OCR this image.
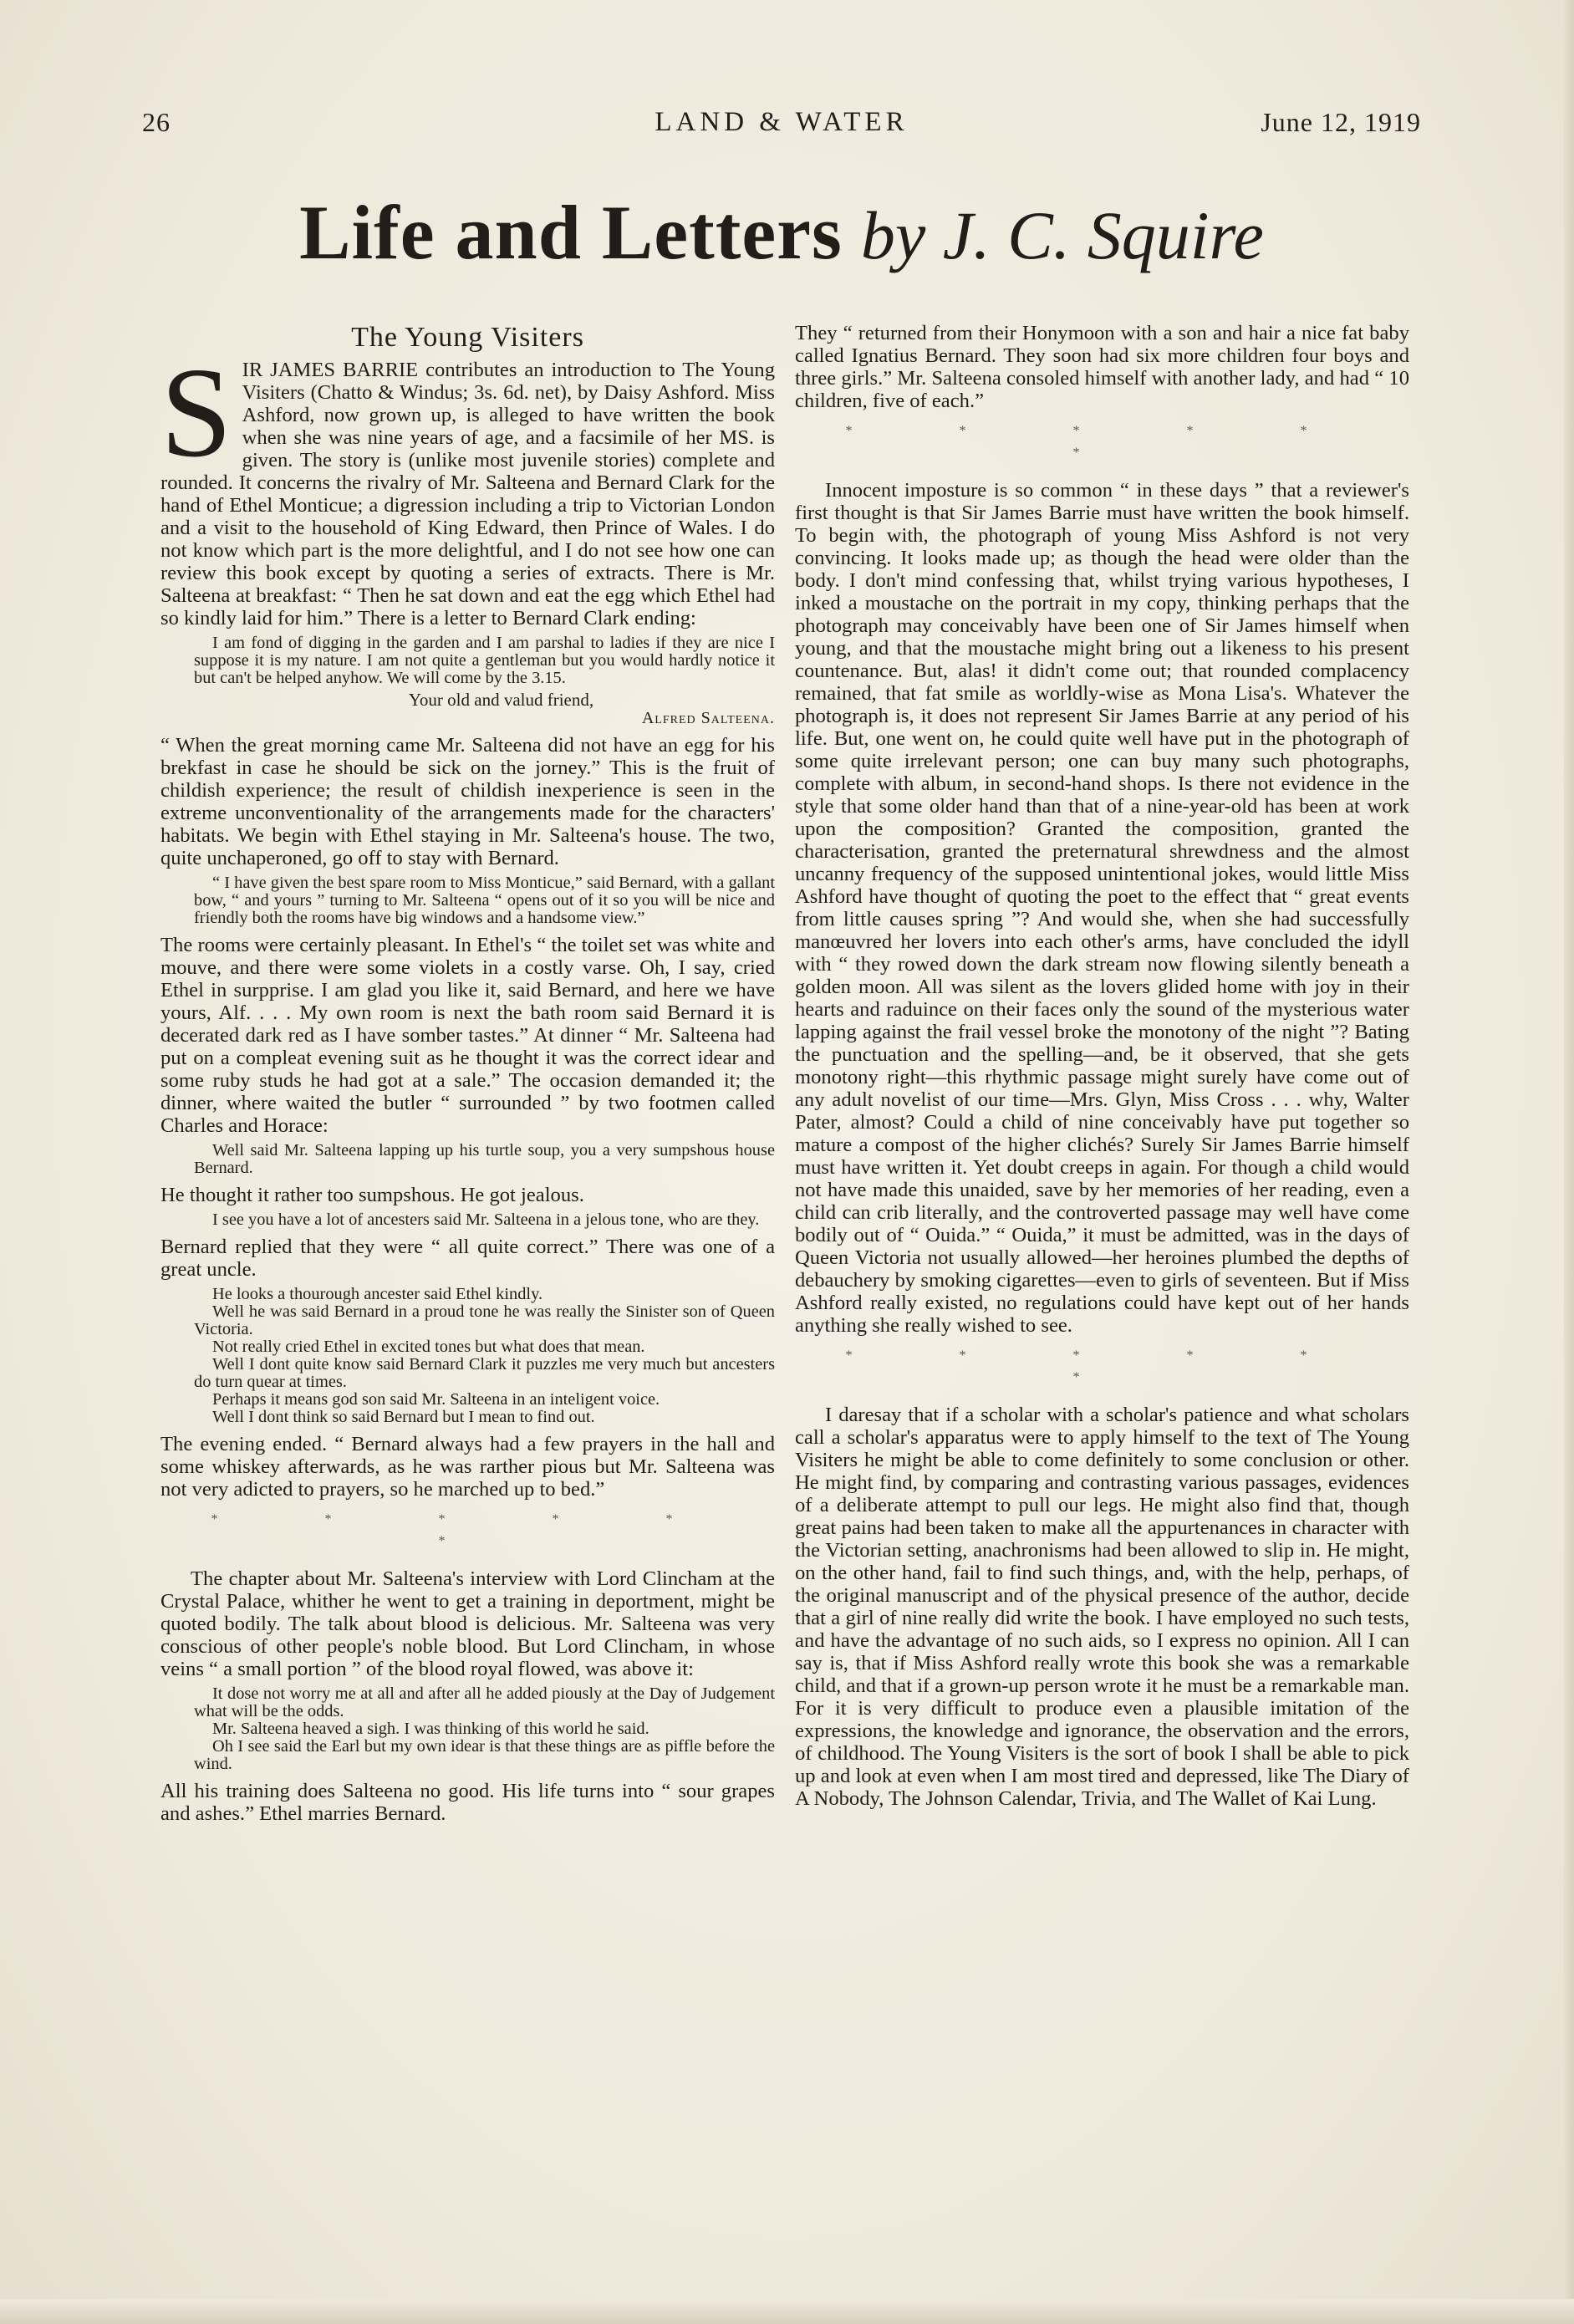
26	LAND & WATER	June 12, 1919
Life and Letters by J. C. Squire
The Young Visiters

SIR JAMES BARRIE contributes an introduction to The Young Visiters (Chatto & Windus; 3s. 6d. net), by Daisy Ashford. Miss Ashford, now grown up, is alleged to have written the book when she was nine years of age, and a facsimile of her MS. is given. The story is (unlike most juvenile stories) complete and rounded. It concerns the rivalry of Mr. Salteena and Bernard Clark for the hand of Ethel Monticue; a digression including a trip to Victorian London and a visit to the household of King Edward, then Prince of Wales. I do not know which part is the more delightful, and I do not see how one can review this book except by quoting a series of extracts. There is Mr. Salteena at breakfast: “ Then he sat down and eat the egg which Ethel had so kindly laid for him.” There is a letter to Bernard Clark ending:

I am fond of digging in the garden and I am parshal to ladies if they are nice I suppose it is my nature. I am not quite a gentleman but you would hardly notice it but can't be helped anyhow. We will come by the 3.15.

Your old and valud friend,
Alfred Salteena.

“ When the great morning came Mr. Salteena did not have an egg for his brekfast in case he should be sick on the jorney.” This is the fruit of childish experience; the result of childish inexperience is seen in the extreme unconventionality of the arrangements made for the characters' habitats. We begin with Ethel staying in Mr. Salteena's house. The two, quite unchaperoned, go off to stay with Bernard.

“ I have given the best spare room to Miss Monticue,” said Bernard, with a gallant bow, “ and yours ” turning to Mr. Salteena “ opens out of it so you will be nice and friendly both the rooms have big windows and a handsome view.”

The rooms were certainly pleasant. In Ethel's “ the toilet set was white and mouve, and there were some violets in a costly varse. Oh, I say, cried Ethel in surpprise. I am glad you like it, said Bernard, and here we have yours, Alf. . . . My own room is next the bath room said Bernard it is decerated dark red as I have somber tastes.” At dinner “ Mr. Salteena had put on a compleat evening suit as he thought it was the correct idear and some ruby studs he had got at a sale.” The occasion demanded it; the dinner, where waited the butler “ surrounded ” by two footmen called Charles and Horace:

Well said Mr. Salteena lapping up his turtle soup, you a very sumpshous house Bernard.

He thought it rather too sumpshous. He got jealous.

I see you have a lot of ancesters said Mr. Salteena in a jelous tone, who are they.

Bernard replied that they were “ all quite correct.” There was one of a great uncle.

He looks a thourough ancester said Ethel kindly.

Well he was said Bernard in a proud tone he was really the Sinister son of Queen Victoria.

Not really cried Ethel in excited tones but what does that mean.

Well I dont quite know said Bernard Clark it puzzles me very much but ancesters do turn quear at times.

Perhaps it means god son said Mr. Salteena in an inteligent voice.

Well I dont think so said Bernard but I mean to find out.

The evening ended. “ Bernard always had a few prayers in the hall and some whiskey afterwards, as he was rarther pious but Mr. Salteena was not very adicted to prayers, so he marched up to bed.”

* * * * * *

The chapter about Mr. Salteena's interview with Lord Clincham at the Crystal Palace, whither he went to get a training in deportment, might be quoted bodily. The talk about blood is delicious. Mr. Salteena was very conscious of other people's noble blood. But Lord Clincham, in whose veins “ a small portion ” of the blood royal flowed, was above it:

It dose not worry me at all and after all he added piously at the Day of Judgement what will be the odds.

Mr. Salteena heaved a sigh. I was thinking of this world he said.

Oh I see said the Earl but my own idear is that these things are as piffle before the wind.

All his training does Salteena no good. His life turns into “ sour grapes and ashes.” Ethel marries Bernard.

They “ returned from their Honymoon with a son and hair a nice fat baby called Ignatius Bernard. They soon had six more children four boys and three girls.” Mr. Salteena consoled himself with another lady, and had “ 10 children, five of each.”

* * * * * *

Innocent imposture is so common “ in these days ” that a reviewer's first thought is that Sir James Barrie must have written the book himself. To begin with, the photograph of young Miss Ashford is not very convincing. It looks made up; as though the head were older than the body. I don't mind confessing that, whilst trying various hypotheses, I inked a moustache on the portrait in my copy, thinking perhaps that the photograph may conceivably have been one of Sir James himself when young, and that the moustache might bring out a likeness to his present countenance. But, alas! it didn't come out; that rounded complacency remained, that fat smile as worldly-wise as Mona Lisa's. Whatever the photograph is, it does not represent Sir James Barrie at any period of his life. But, one went on, he could quite well have put in the photograph of some quite irrelevant person; one can buy many such photographs, complete with album, in second-hand shops. Is there not evidence in the style that some older hand than that of a nine-year-old has been at work upon the composition? Granted the composition, granted the characterisation, granted the preternatural shrewdness and the almost uncanny frequency of the supposed unintentional jokes, would little Miss Ashford have thought of quoting the poet to the effect that “ great events from little causes spring ”? And would she, when she had successfully manœuvred her lovers into each other's arms, have concluded the idyll with “ they rowed down the dark stream now flowing silently beneath a golden moon. All was silent as the lovers glided home with joy in their hearts and raduince on their faces only the sound of the mysterious water lapping against the frail vessel broke the monotony of the night ”? Bating the punctuation and the spelling—and, be it observed, that she gets monotony right—this rhythmic passage might surely have come out of any adult novelist of our time—Mrs. Glyn, Miss Cross . . . why, Walter Pater, almost? Could a child of nine conceivably have put together so mature a compost of the higher clichés? Surely Sir James Barrie himself must have written it. Yet doubt creeps in again. For though a child would not have made this unaided, save by her memories of her reading, even a child can crib literally, and the controverted passage may well have come bodily out of “ Ouida.” “ Ouida,” it must be admitted, was in the days of Queen Victoria not usually allowed—her heroines plumbed the depths of debauchery by smoking cigarettes—even to girls of seventeen. But if Miss Ashford really existed, no regulations could have kept out of her hands anything she really wished to see.

* * * * * *

I daresay that if a scholar with a scholar's patience and what scholars call a scholar's apparatus were to apply himself to the text of The Young Visiters he might be able to come definitely to some conclusion or other. He might find, by comparing and contrasting various passages, evidences of a deliberate attempt to pull our legs. He might also find that, though great pains had been taken to make all the appurtenances in character with the Victorian setting, anachronisms had been allowed to slip in. He might, on the other hand, fail to find such things, and, with the help, perhaps, of the original manuscript and of the physical presence of the author, decide that a girl of nine really did write the book. I have employed no such tests, and have the advantage of no such aids, so I express no opinion. All I can say is, that if Miss Ashford really wrote this book she was a remarkable child, and that if a grown-up person wrote it he must be a remarkable man. For it is very difficult to produce even a plausible imitation of the expressions, the knowledge and ignorance, the observation and the errors, of childhood. The Young Visiters is the sort of book I shall be able to pick up and look at even when I am most tired and depressed, like The Diary of A Nobody, The Johnson Calendar, Trivia, and The Wallet of Kai Lung.
